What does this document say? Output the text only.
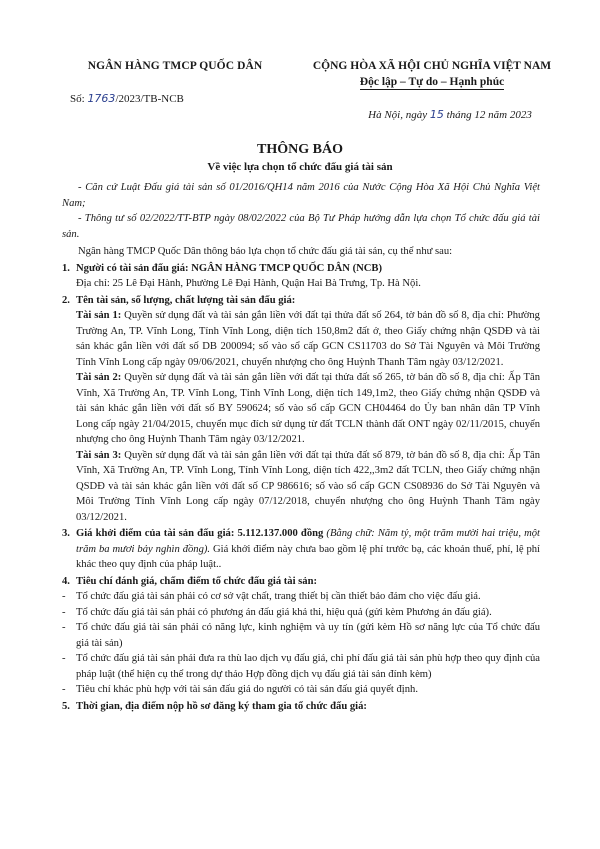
NGÂN HÀNG TMCP QUỐC DÂN	CỘNG HÒA XÃ HỘI CHỦ NGHĨA VIỆT NAM
Độc lập – Tự do – Hạnh phúc
Số: 1763/2023/TB-NCB
Hà Nội, ngày 15 tháng 12 năm 2023
THÔNG BÁO
Về việc lựa chọn tổ chức đấu giá tài sản

- Căn cứ Luật Đấu giá tài sản số 01/2016/QH14 năm 2016 của Nước Cộng Hòa Xã Hội Chủ Nghĩa Việt Nam;

- Thông tư số 02/2022/TT-BTP ngày 08/02/2022 của Bộ Tư Pháp hướng dẫn lựa chọn Tổ chức đấu giá tài sản.

Ngân hàng TMCP Quốc Dân thông báo lựa chọn tổ chức đấu giá tài sản, cụ thể như sau:

1. Người có tài sản đấu giá: NGÂN HÀNG TMCP QUỐC DÂN (NCB)

Địa chỉ: 25 Lê Đại Hành, Phường Lê Đại Hành, Quận Hai Bà Trưng, Tp. Hà Nội.

2. Tên tài sản, số lượng, chất lượng tài sản đấu giá:

Tài sản 1: Quyền sử dụng đất và tài sản gắn liền với đất tại thửa đất số 264, tờ bản đồ số 8, địa chỉ: Phường Trường An, TP. Vĩnh Long, Tỉnh Vĩnh Long, diện tích 150,8m2 đất ở, theo Giấy chứng nhận QSDĐ và tài sản khác gắn liền với đất số DB 200094; số vào sổ cấp GCN CS11703 do Sở Tài Nguyên và Môi Trường Tỉnh Vĩnh Long cấp ngày 09/06/2021, chuyển nhượng cho ông Huỳnh Thanh Tâm ngày 03/12/2021.

Tài sản 2: Quyền sử dụng đất và tài sản gắn liền với đất tại thửa đất số 265, tờ bản đồ số 8, địa chỉ: Ấp Tân Vĩnh, Xã Trường An, TP. Vĩnh Long, Tỉnh Vĩnh Long, diện tích 149,1m2, theo Giấy chứng nhận QSDĐ và tài sản khác gắn liền với đất số BY 590624; số vào sổ cấp GCN CH04464 do Ủy ban nhân dân TP Vĩnh Long cấp ngày 21/04/2015, chuyển mục đích sử dụng từ đất TCLN thành đất ONT ngày 02/11/2015, chuyển nhượng cho ông Huỳnh Thanh Tâm ngày 03/12/2021.

Tài sản 3: Quyền sử dụng đất và tài sản gắn liền với đất tại thửa đất số 879, tờ bản đồ số 8, địa chỉ: Ấp Tân Vĩnh, Xã Trường An, TP. Vĩnh Long, Tỉnh Vĩnh Long, diện tích 422,,3m2 đất TCLN, theo Giấy chứng nhận QSDĐ và tài sản khác gắn liền với đất số CP 986616; số vào sổ cấp GCN CS08936 do Sở Tài Nguyên và Môi Trường Tỉnh Vĩnh Long cấp ngày 07/12/2018, chuyển nhượng cho ông Huỳnh Thanh Tâm ngày 03/12/2021.

3. Giá khởi điểm của tài sản đấu giá: 5.112.137.000 đồng (Bằng chữ: Năm tỷ, một trăm mười hai triệu, một trăm ba mươi bảy nghìn đồng). Giá khởi điểm này chưa bao gồm lệ phí trước bạ, các khoản thuế, phí, lệ phí khác theo quy định của pháp luật..
4. Tiêu chí đánh giá, chấm điểm tổ chức đấu giá tài sản:
- Tổ chức đấu giá tài sản phải có cơ sở vật chất, trang thiết bị cần thiết bảo đảm cho việc đấu giá.
- Tổ chức đấu giá tài sản phải có phương án đấu giá khả thi, hiệu quả (gửi kèm Phương án đấu giá).
- Tổ chức đấu giá tài sản phải có năng lực, kinh nghiệm và uy tín (gửi kèm Hồ sơ năng lực của Tổ chức đấu giá tài sản)
- Tổ chức đấu giá tài sản phải đưa ra thù lao dịch vụ đấu giá, chi phí đấu giá tài sản phù hợp theo quy định của pháp luật (thể hiện cụ thể trong dự thảo Hợp đồng dịch vụ đấu giá tài sản đính kèm)
- Tiêu chí khác phù hợp với tài sản đấu giá do người có tài sản đấu giá quyết định.
5. Thời gian, địa điểm nộp hồ sơ đăng ký tham gia tổ chức đấu giá:
